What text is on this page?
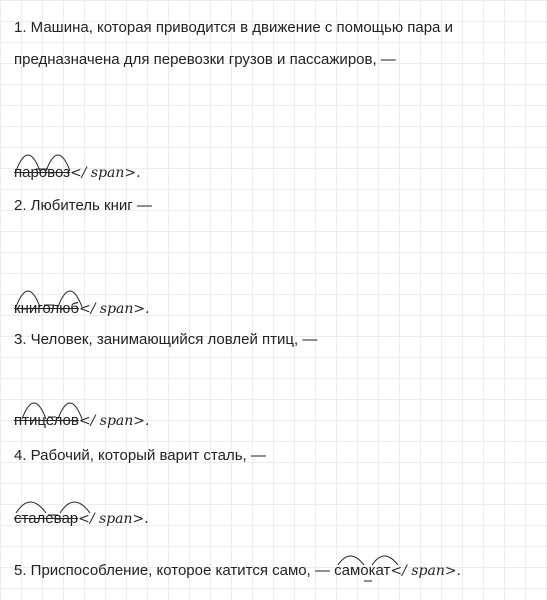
1. Машина, которая приводится в движение с помощью пара и
предназначена для перевозки грузов и пассажиров, —
паровоз</ span>.
2. Любитель книг —
книголюб</ span>.
3. Человек, занимающийся ловлей птиц, —
птицелов</ span>.
4. Рабочий, который варит сталь, —
сталевар</ span>.
5. Приспособление, которое катится само, — самокат</ span>.
